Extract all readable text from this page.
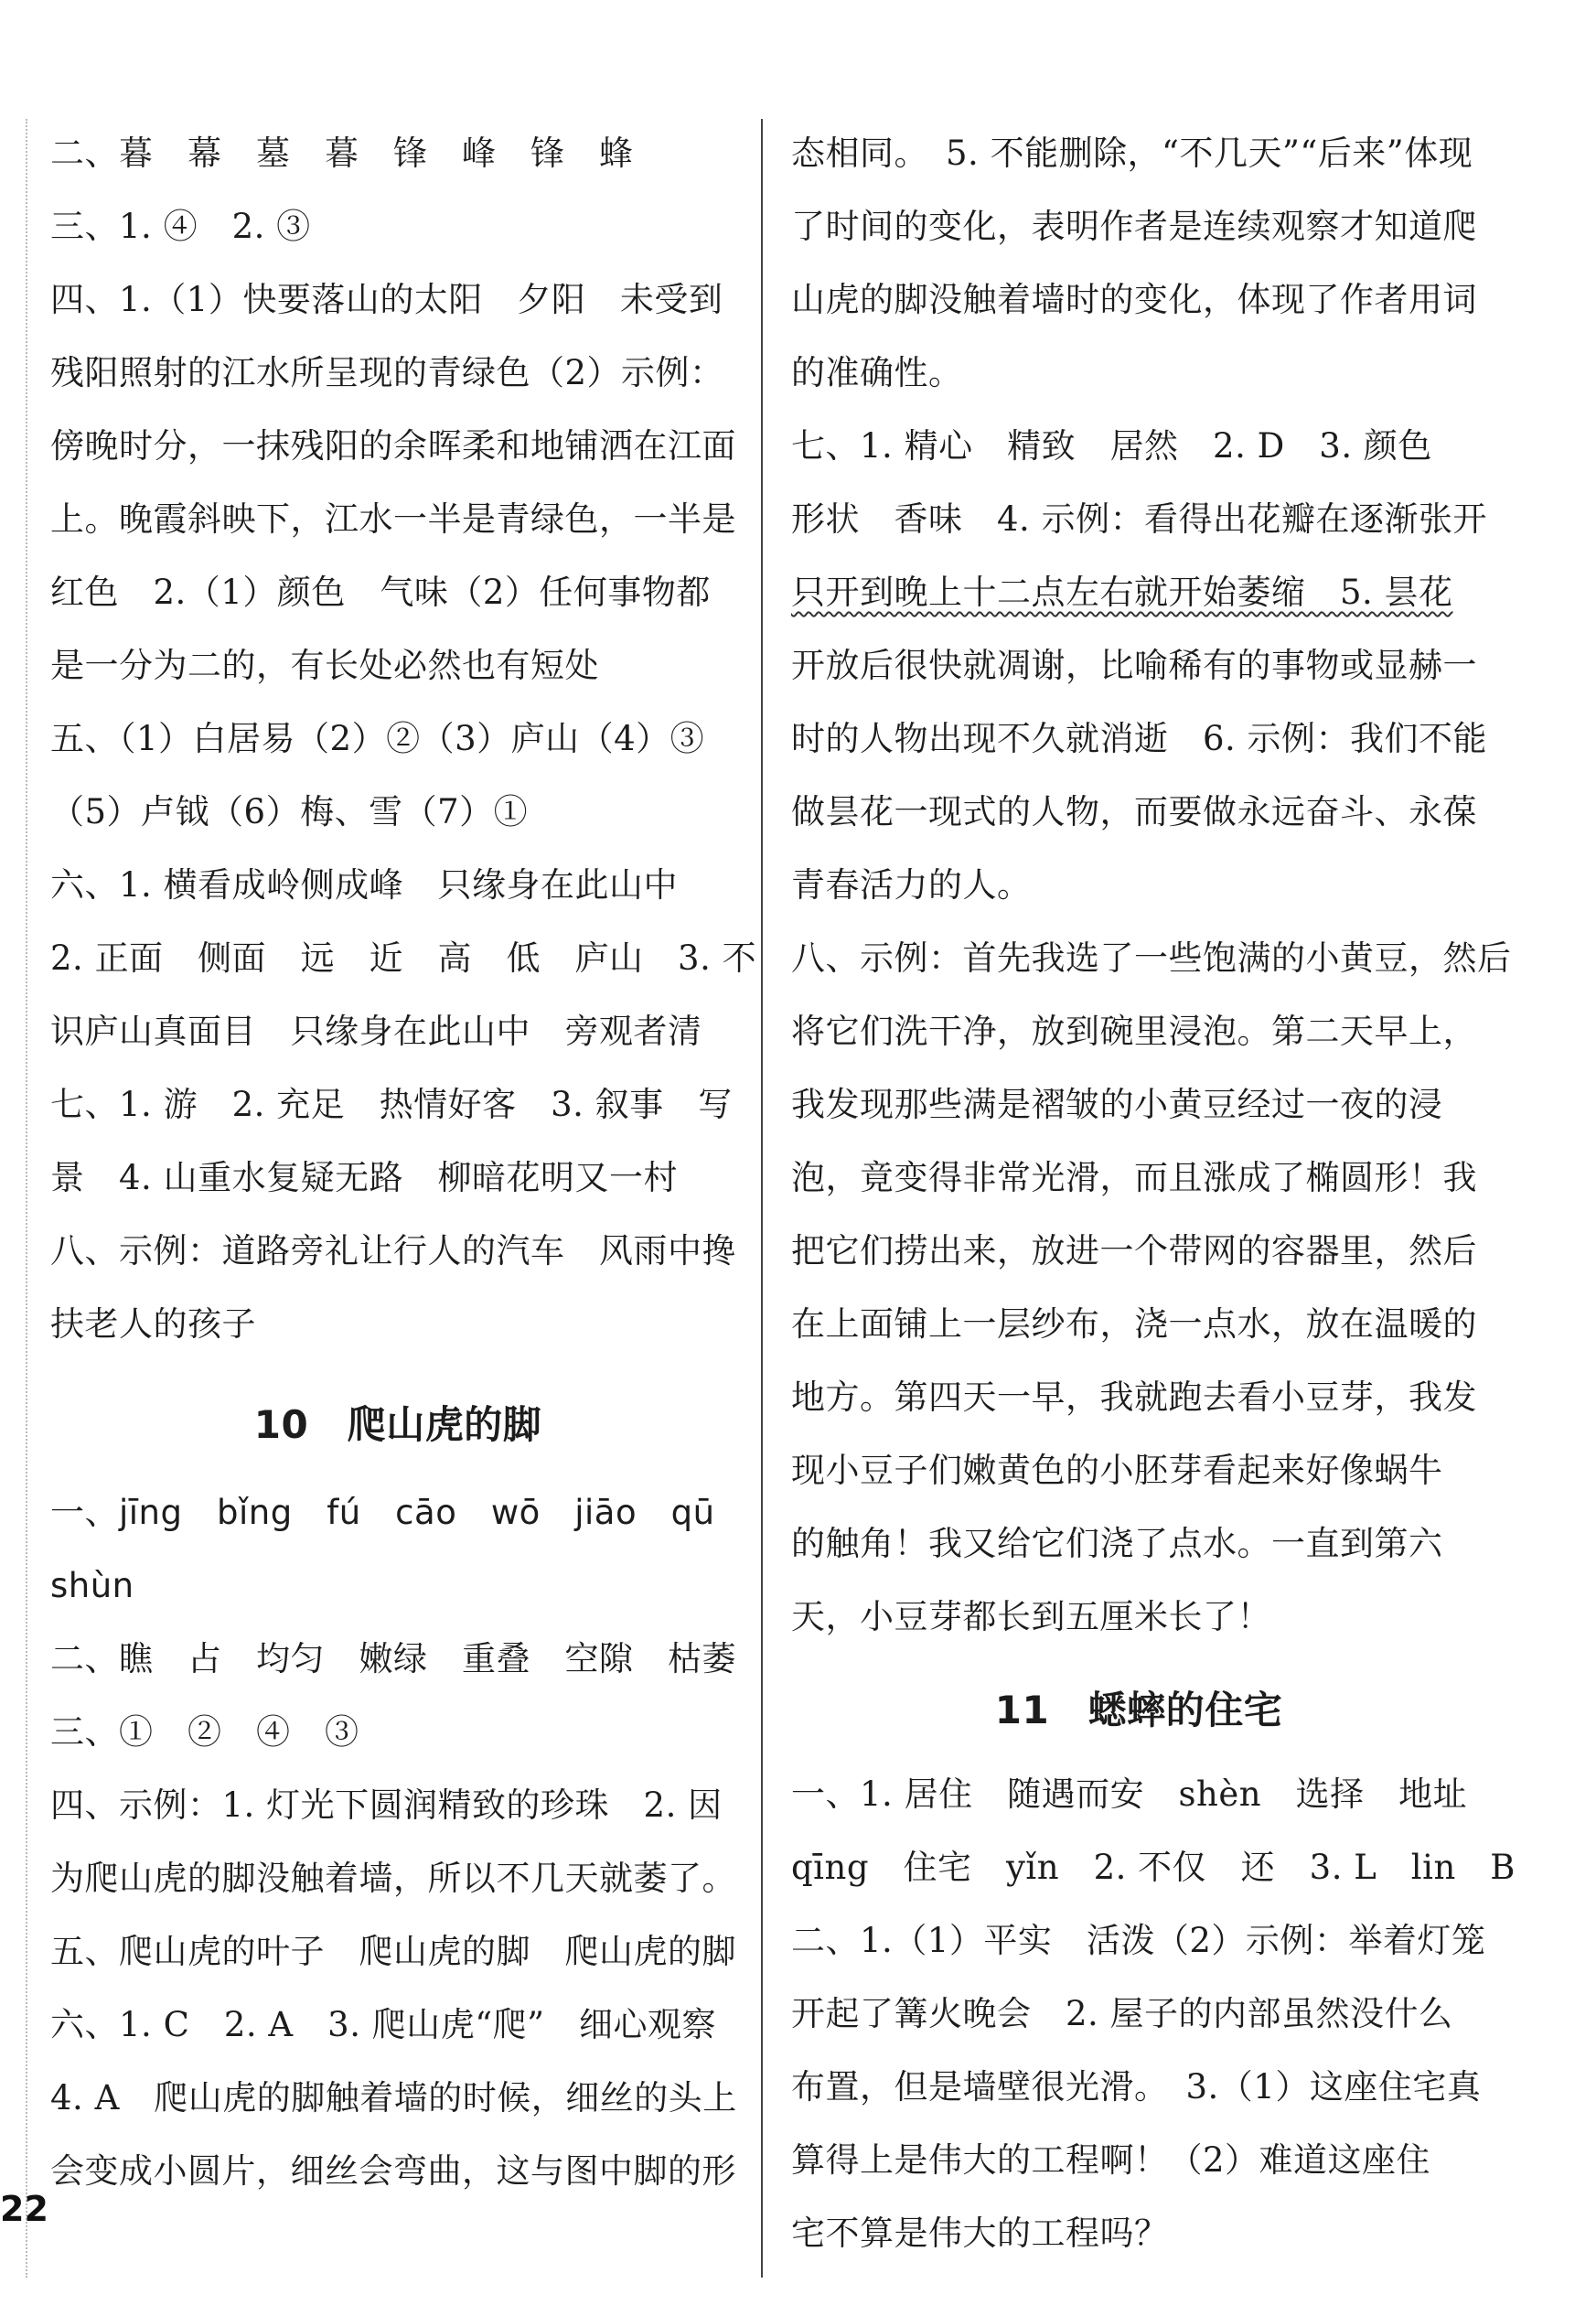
二、暮　幕　墓　暮　锋　峰　锋　蜂
三、1. ④　2. ③
四、1.（1）快要落山的太阳　夕阳　未受到
残阳照射的江水所呈现的青绿色（2）示例：
傍晚时分，一抹残阳的余晖柔和地铺洒在江面
上。晚霞斜映下，江水一半是青绿色，一半是
红色　2.（1）颜色　气味（2）任何事物都
是一分为二的，有长处必然也有短处
五、（1）白居易（2）②（3）庐山（4）③
（5）卢钺（6）梅、雪（7）①
六、1. 横看成岭侧成峰　只缘身在此山中
2. 正面　侧面　远　近　高　低　庐山　3. 不
识庐山真面目　只缘身在此山中　旁观者清
七、1. 游　2. 充足　热情好客　3. 叙事　写
景　4. 山重水复疑无路　柳暗花明又一村
八、示例：道路旁礼让行人的汽车　风雨中搀
扶老人的孩子
10　爬山虎的脚
一、jīng　bǐng　fú　cāo　wō　jiāo　qū
shùn
二、瞧　占　均匀　嫩绿　重叠　空隙　枯萎
三、①　②　④　③
四、示例：1. 灯光下圆润精致的珍珠　2. 因
为爬山虎的脚没触着墙，所以不几天就萎了。
五、爬山虎的叶子　爬山虎的脚　爬山虎的脚
六、1. C　2. A　3. 爬山虎“爬”　细心观察
4. A　爬山虎的脚触着墙的时候，细丝的头上
会变成小圆片，细丝会弯曲，这与图中脚的形
态相同。　5. 不能删除，“不几天”“后来”体现
了时间的变化，表明作者是连续观察才知道爬
山虎的脚没触着墙时的变化，体现了作者用词
的准确性。
七、1. 精心　精致　居然　2. D　3. 颜色
形状　香味　4. 示例：看得出花瓣在逐渐张开
只开到晚上十二点左右就开始萎缩　5. 昙花
开放后很快就凋谢，比喻稀有的事物或显赫一
时的人物出现不久就消逝　6. 示例：我们不能
做昙花一现式的人物，而要做永远奋斗、永葆
青春活力的人。
八、示例：首先我选了一些饱满的小黄豆，然后
将它们洗干净，放到碗里浸泡。第二天早上，
我发现那些满是褶皱的小黄豆经过一夜的浸
泡，竟变得非常光滑，而且涨成了椭圆形！我
把它们捞出来，放进一个带网的容器里，然后
在上面铺上一层纱布，浇一点水，放在温暖的
地方。第四天一早，我就跑去看小豆芽，我发
现小豆子们嫩黄色的小胚芽看起来好像蜗牛
的触角！我又给它们浇了点水。一直到第六
天，小豆芽都长到五厘米长了！
11　蟋蟀的住宅
一、1. 居住　随遇而安　shèn　选择　地址
qīng　住宅　yǐn　2. 不仅　还　3. L　lin　B
二、1.（1）平实　活泼（2）示例：举着灯笼
开起了篝火晚会　2. 屋子的内部虽然没什么
布置，但是墙壁很光滑。　3.（1）这座住宅真
算得上是伟大的工程啊！（2）难道这座住
宅不算是伟大的工程吗？
22
